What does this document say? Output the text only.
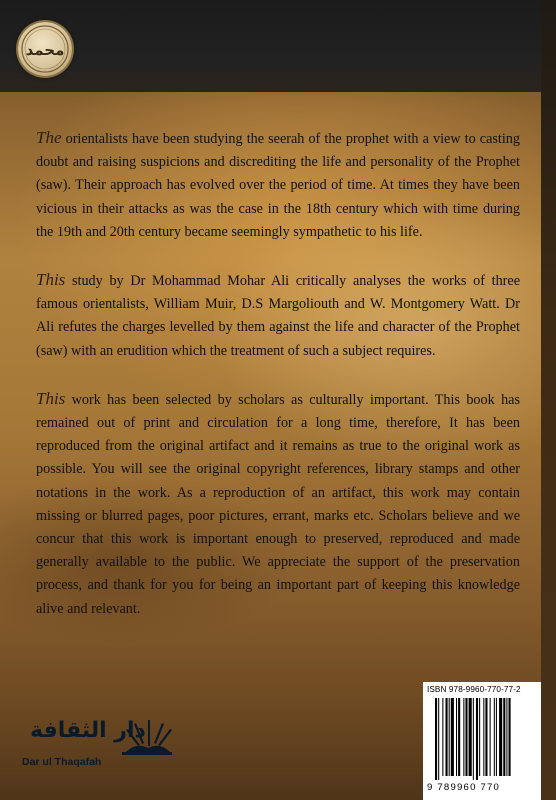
محمد

The orientalists have been studying the seerah of the prophet with a view to casting doubt and raising suspicions and discrediting the life and personality of the Prophet (saw). Their approach has evolved over the period of time. At times they have been vicious in their attacks as was the case in the 18th century which with time during the 19th and 20th century became seemingly sympathetic to his life.

This study by Dr Mohammad Mohar Ali critically analyses the works of three famous orientalists, William Muir, D.S Margoliouth and W. Montgomery Watt. Dr Ali refutes the charges levelled by them against the life and character of the Prophet (saw) with an erudition which the treatment of such a subject requires.

This work has been selected by scholars as culturally important. This book has remained out of print and circulation for a long time, therefore, It has been reproduced from the original artifact and it remains as true to the original work as possible. You will see the original copyright references, library stamps and other notations in the work. As a reproduction of an artifact, this work may contain missing or blurred pages, poor pictures, errant, marks etc. Scholars believe and we concur that this work is important enough to preserved, reproduced and made generally available to the public. We appreciate the support of the preservation process, and thank for you for being an important part of keeping this knowledge alive and relevant.

دار الثقافة
Dar ul Thaqafah
ISBN 978-9960-770-77-2
9 789960 770
